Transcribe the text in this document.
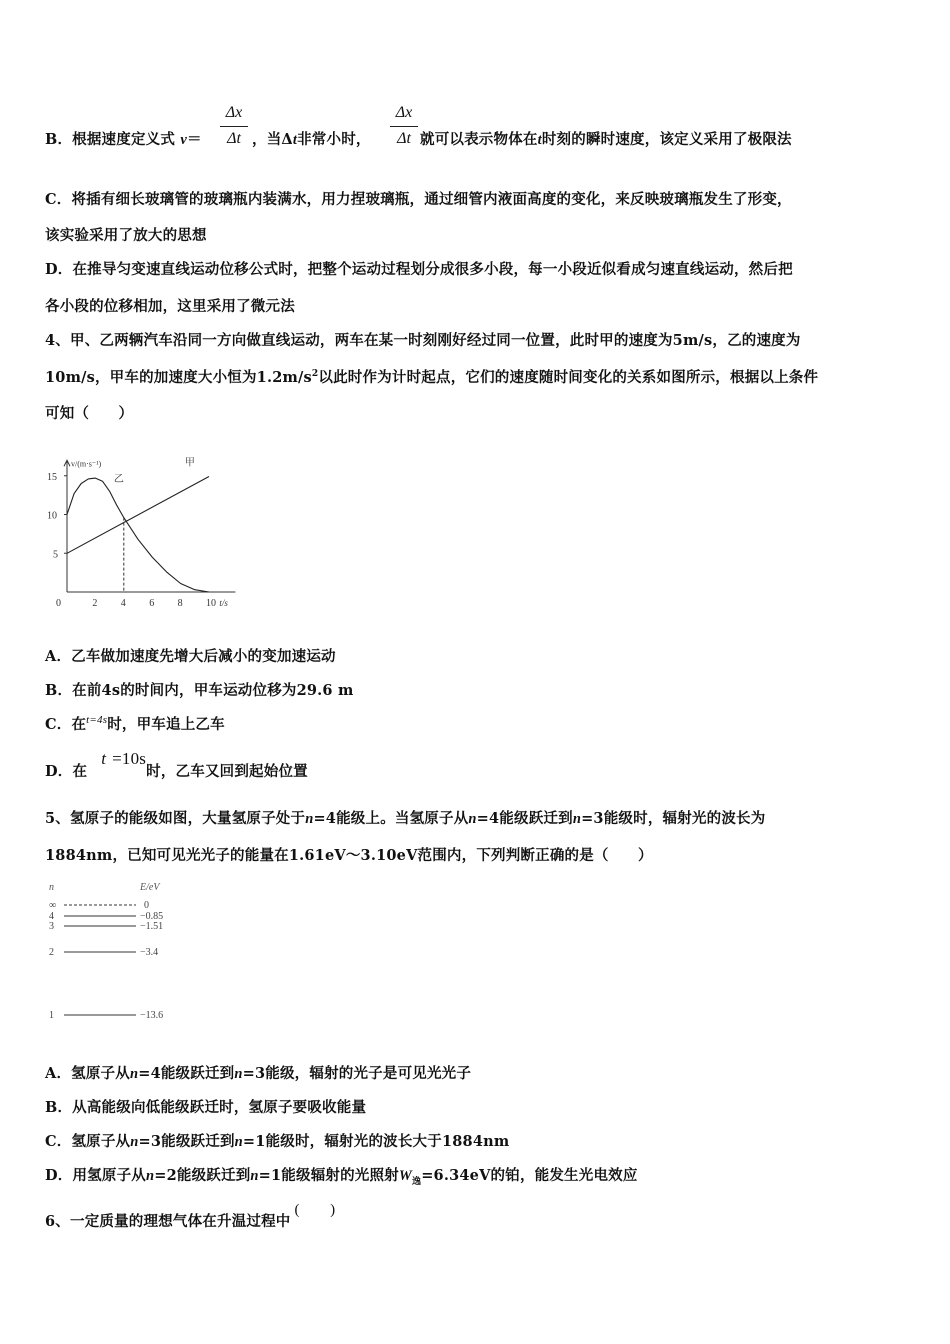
B．根据速度定义式 v＝
Δx
Δt ，当Δt非常小时，
Δx
Δt 就可以表示物体在t时刻的瞬时速度，该定义采用了极限法
C．将插有细长玻璃管的玻璃瓶内装满水，用力捏玻璃瓶，通过细管内液面高度的变化，来反映玻璃瓶发生了形变，
该实验采用了放大的思想
D．在推导匀变速直线运动位移公式时，把整个运动过程划分成很多小段，每一小段近似看成匀速直线运动，然后把
各小段的位移相加，这里采用了微元法
4、甲、乙两辆汽车沿同一方向做直线运动，两车在某一时刻刚好经过同一位置，此时甲的速度为5m/s，乙的速度为
10m/s，甲车的加速度大小恒为$1.2m/s^2$以此时作为计时起点，它们的速度随时间变化的关系如图所示，根据以上条件
可知（　　）
v/(m·s⁻¹)
t/s
0	2 4 6 8 10
5
10
15	乙
甲
A．乙车做加速度先增大后减小的变加速运动
B．在前4s的时间内，甲车运动位移为29.6 m
C．在$^{t=4s}$时，甲车追上乙车
D．在t =10s时，乙车又回到起始位置
5、氢原子的能级如图，大量氢原子处于n=4能级上。当氢原子从n=4能级跃迁到n=3能级时，辐射光的波长为
1884nm，已知可见光光子的能量在1.61eV～3.10eV范围内，下列判断正确的是（　　）
n	E/eV
∞	0
4	−0.85
3	−1.51
2	−3.4
1	−13.6
A．氢原子从n=4能级跃迁到n=3能级，辐射的光子是可见光光子
B．从高能级向低能级跃迁时，氢原子要吸收能量
C．氢原子从n=3能级跃迁到n=1能级时，辐射光的波长大于1884nm
D．用氢原子从n=2能级跃迁到n=1能级辐射的光照射$W_逸=6.34eV$的铂，能发生光电效应
6、一定质量的理想气体在升温过程中(　　)
